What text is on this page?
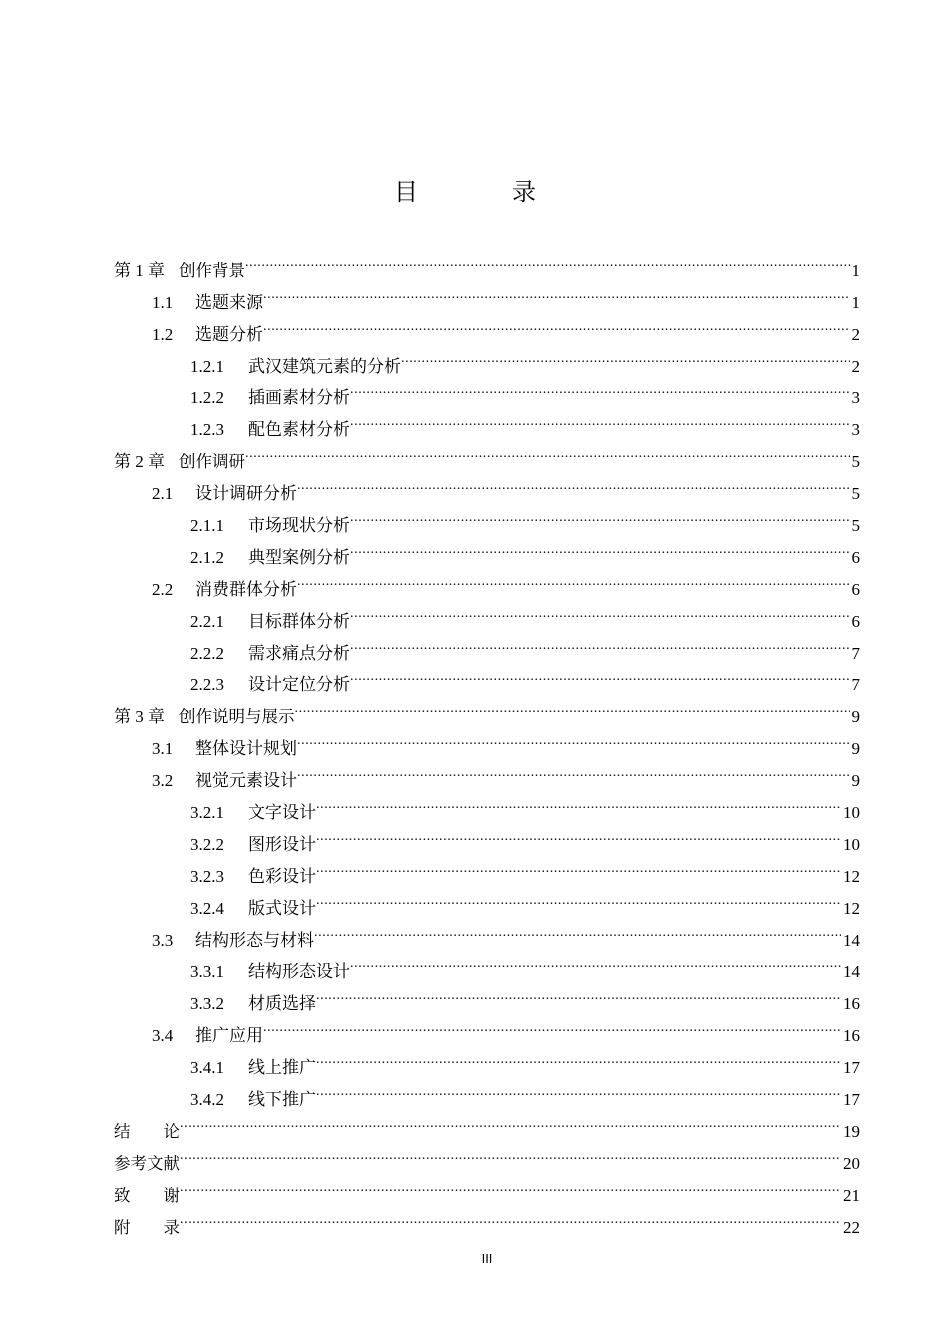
目 录
第 1 章 创作背景 .....	1
1.1	选题来源 .....	1
1.2	选题分析 .....	2
1.2.1	武汉建筑元素的分析 .....	2
1.2.2	插画素材分析 .....	3
1.2.3	配色素材分析 .....	3
第 2 章 创作调研 .....	5
2.1	设计调研分析 .....	5
2.1.1	市场现状分析 .....	5
2.1.2	典型案例分析 .....	6
2.2	消费群体分析 .....	6
2.2.1	目标群体分析 .....	6
2.2.2	需求痛点分析 .....	7
2.2.3	设计定位分析 .....	7
第 3 章 创作说明与展示 .....	9
3.1	整体设计规划 .....	9
3.2	视觉元素设计 .....	9
3.2.1	文字设计 .....	10
3.2.2	图形设计 .....	10
3.2.3	色彩设计 .....	12
3.2.4	版式设计 .....	12
3.3	结构形态与材料 .....	14
3.3.1	结构形态设计 .....	14
3.3.2	材质选择 .....	16
3.4	推广应用 .....	16
3.4.1	线上推广 .....	17
3.4.2	线下推广 .....	17
结　　论 .....	19
参考文献 .....	20
致　　谢 .....	21
附　　录 .....	22
III
